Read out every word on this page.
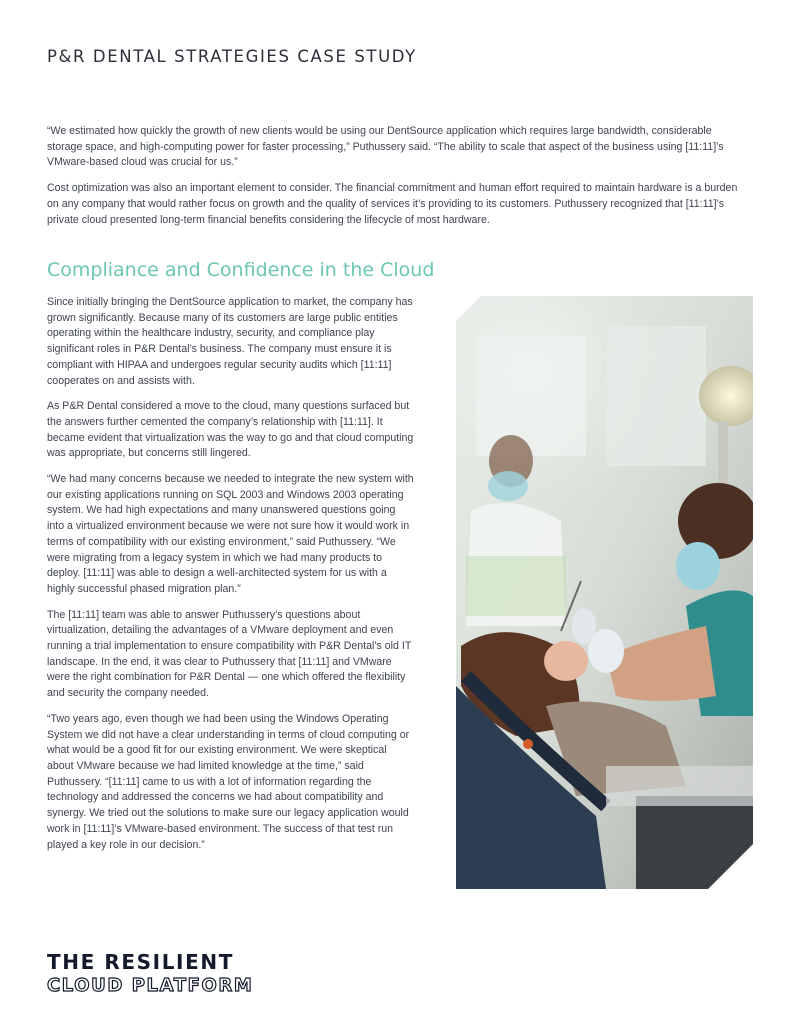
P&R DENTAL STRATEGIES CASE STUDY

“We estimated how quickly the growth of new clients would be using our DentSource application which requires large bandwidth, considerable storage space, and high-computing power for faster processing,” Puthussery said. “The ability to scale that aspect of the business using [11:11]’s VMware-based cloud was crucial for us.”

Cost optimization was also an important element to consider. The financial commitment and human effort required to maintain hardware is a burden on any company that would rather focus on growth and the quality of services it’s providing to its customers. Puthussery recognized that [11:11]’s private cloud presented long-term financial benefits considering the lifecycle of most hardware.

Compliance and Confidence in the Cloud

Since initially bringing the DentSource application to market, the company has grown significantly. Because many of its customers are large public entities operating within the healthcare industry, security, and compliance play significant roles in P&R Dental’s business. The company must ensure it is compliant with HIPAA and undergoes regular security audits which [11:11] cooperates on and assists with.

As P&R Dental considered a move to the cloud, many questions surfaced but the answers further cemented the company’s relationship with [11:11]. It became evident that virtualization was the way to go and that cloud computing was appropriate, but concerns still lingered.

“We had many concerns because we needed to integrate the new system with our existing applications running on SQL 2003 and Windows 2003 operating system. We had high expectations and many unanswered questions going into a virtualized environment because we were not sure how it would work in terms of compatibility with our existing environment,” said Puthussery. “We were migrating from a legacy system in which we had many products to deploy. [11:11] was able to design a well-architected system for us with a highly successful phased migration plan.”

The [11:11] team was able to answer Puthussery’s questions about virtualization, detailing the advantages of a VMware deployment and even running a trial implementation to ensure compatibility with P&R Dental’s old IT landscape. In the end, it was clear to Puthussery that [11:11] and VMware were the right combination for P&R Dental — one which offered the flexibility and security the company needed.

“Two years ago, even though we had been using the Windows Operating System we did not have a clear understanding in terms of cloud computing or what would be a good fit for our existing environment. We were skeptical about VMware because we had limited knowledge at the time,” said Puthussery. “[11:11] came to us with a lot of information regarding the technology and addressed the concerns we had about compatibility and synergy. We tried out the solutions to make sure our legacy application would work in [11:11]’s VMware-based environment. The success of that test run played a key role in our decision.”

THE RESILIENT
CLOUD PLATFORM
